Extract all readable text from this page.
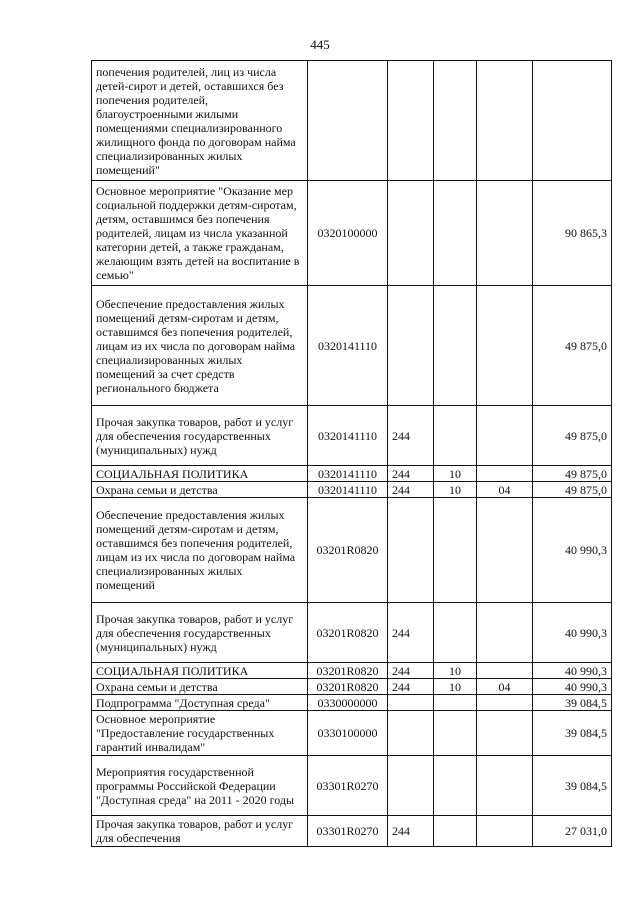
445
попечения родителей, лиц из числа детей-сирот и детей, оставшихся без попечения родителей, благоустроенными жилыми помещениями специализированного жилищного фонда по договорам найма специализированных жилых помещений"					
Основное мероприятие "Оказание мер социальной поддержки детям-сиротам, детям, оставшимся без попечения родителей, лицам из числа указанной категории детей, а также гражданам, желающим взять детей на воспитание в семью"	0320100000				90 865,3
Обеспечение предоставления жилых помещений детям-сиротам и детям, оставшимся без попечения родителей, лицам из их числа по договорам найма специализированных жилых помещений за счет средств регионального бюджета	0320141110				49 875,0
Прочая закупка товаров, работ и услуг для обеспечения государственных (муниципальных) нужд	0320141110	244			49 875,0
СОЦИАЛЬНАЯ ПОЛИТИКА	0320141110	244	10		49 875,0
Охрана семьи и детства	0320141110	244	10	04	49 875,0
Обеспечение предоставления жилых помещений детям-сиротам и детям, оставшимся без попечения родителей, лицам из их числа по договорам найма специализированных жилых помещений	03201R0820				40 990,3
Прочая закупка товаров, работ и услуг для обеспечения государственных (муниципальных) нужд	03201R0820	244			40 990,3
СОЦИАЛЬНАЯ ПОЛИТИКА	03201R0820	244	10		40 990,3
Охрана семьи и детства	03201R0820	244	10	04	40 990,3
Подпрограмма "Доступная среда"	0330000000				39 084,5
Основное мероприятие "Предоставление государственных гарантий инвалидам"	0330100000				39 084,5
Мероприятия государственной программы Российской Федерации "Доступная среда" на 2011 - 2020 годы	03301R0270				39 084,5
Прочая закупка товаров, работ и услуг для обеспечения	03301R0270	244			27 031,0
